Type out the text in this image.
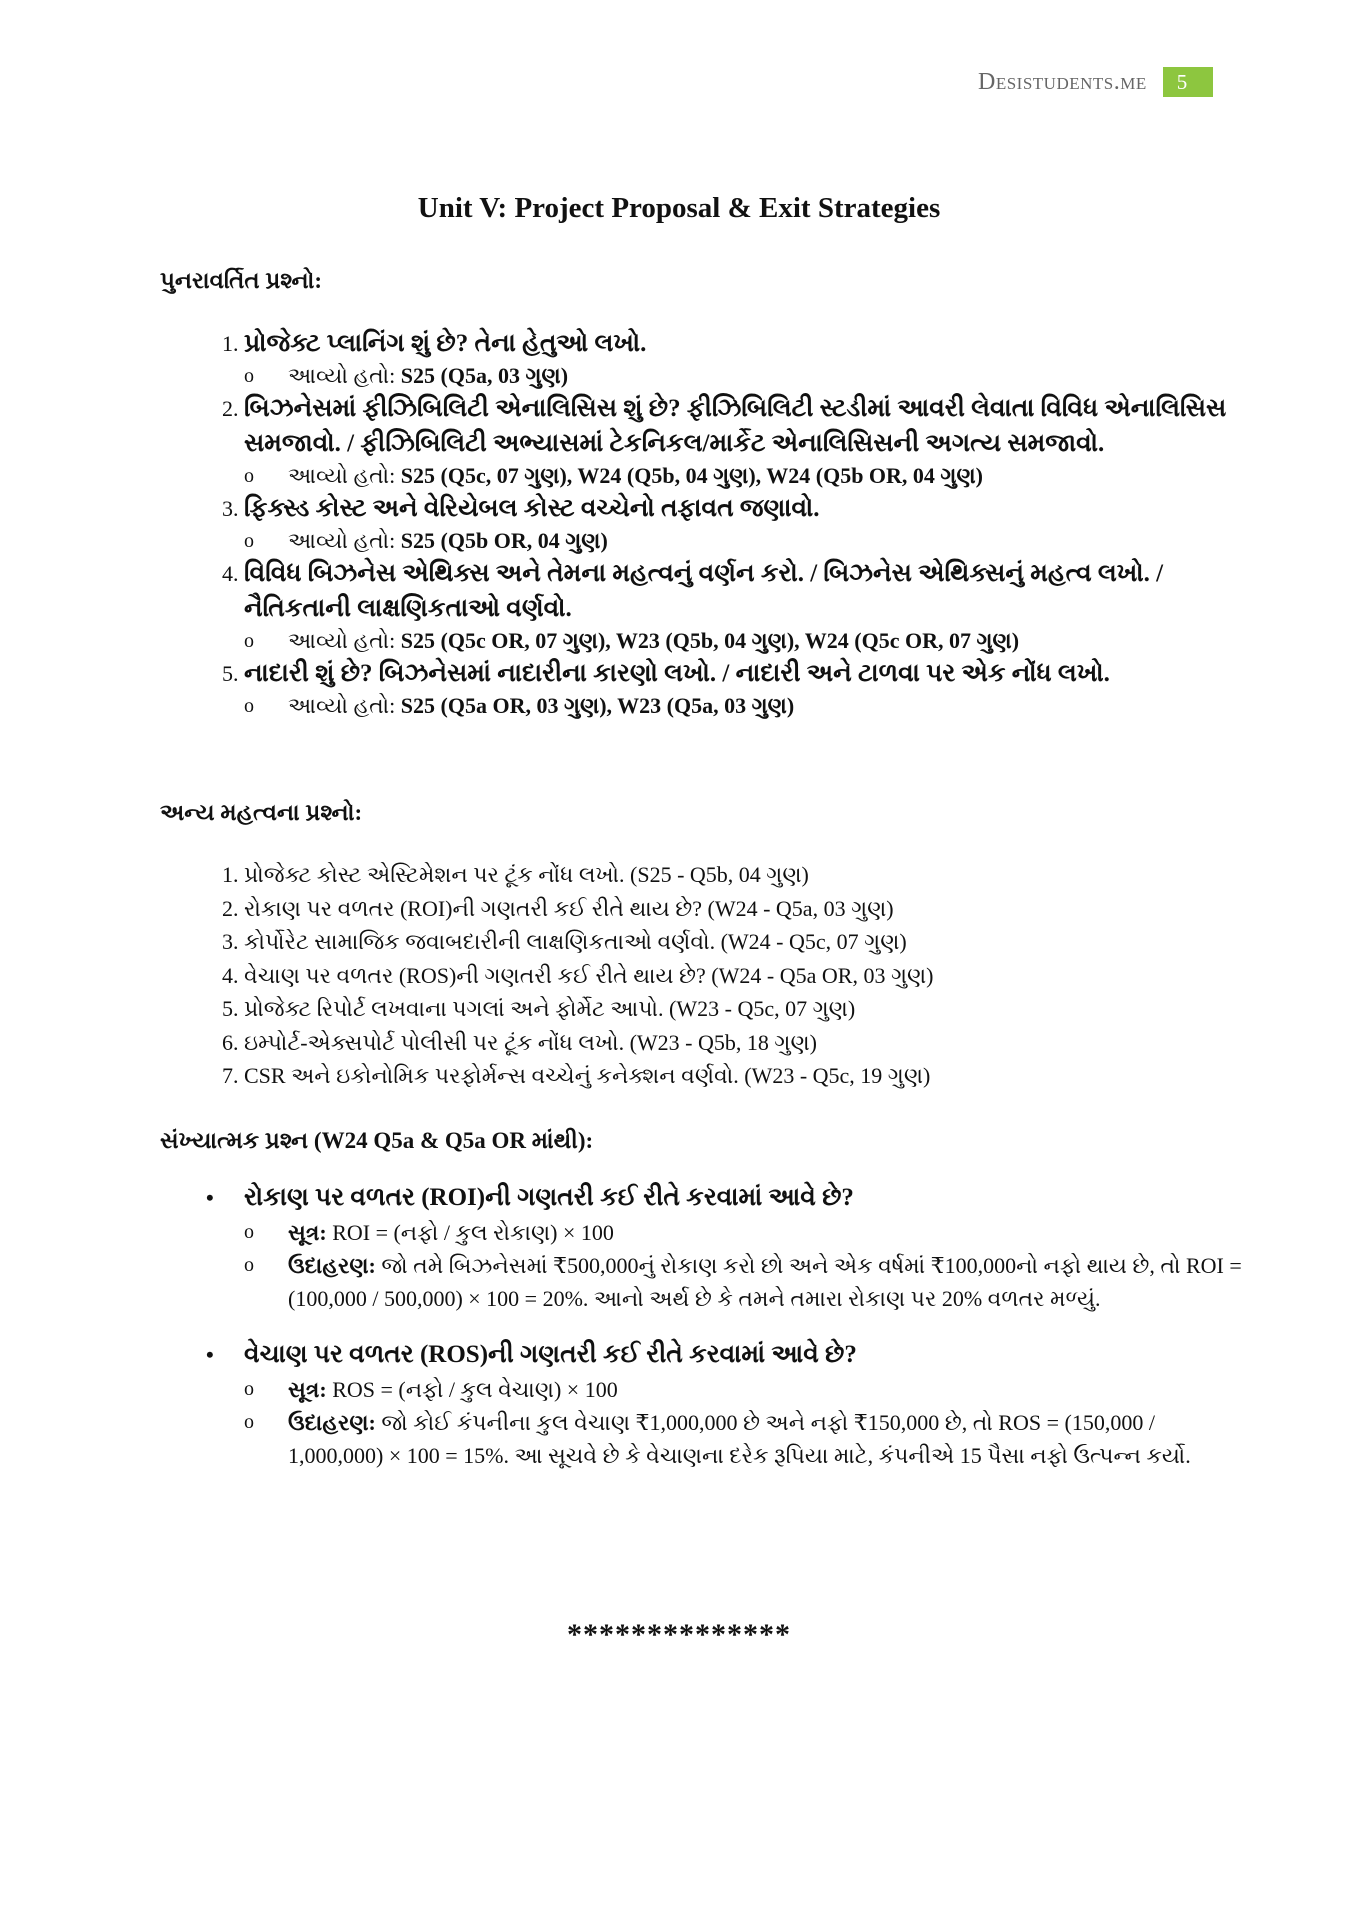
Desistudents.me	5
Unit V: Project Proposal & Exit Strategies
પુનરાવર્તિત પ્રશ્નો:
1. પ્રોજેક્ટ પ્લાનિંગ શું છે? તેના હેતુઓ લખો.
o આવ્યો હતો: S25 (Q5a, 03 ગુણ)
2. બિઝનેસમાં ફીઝિબિલિટી એનાલિસિસ શું છે? ફીઝિબિલિટી સ્ટડીમાં આવરી લેવાતા વિવિધ એનાલિસિસ સમજાવો. / ફીઝિબિલિટી અભ્યાસમાં ટેકનિકલ/માર્કેટ એનાલિસિસની અગત્ય સમજાવો.
o આવ્યો હતો: S25 (Q5c, 07 ગુણ), W24 (Q5b, 04 ગુણ), W24 (Q5b OR, 04 ગુણ)
3. ફિક્સ્ડ કોસ્ટ અને વેરિયેબલ કોસ્ટ વચ્ચેનો તફાવત જણાવો.
o આવ્યો હતો: S25 (Q5b OR, 04 ગુણ)
4. વિવિધ બિઝનેસ એથિક્સ અને તેમના મહત્વનું વર્ણન કરો. / બિઝનેસ એથિક્સનું મહત્વ લખો. / નૈતિકતાની લાક્ષણિકતાઓ વર્ણવો.
o આવ્યો હતો: S25 (Q5c OR, 07 ગુણ), W23 (Q5b, 04 ગુણ), W24 (Q5c OR, 07 ગુણ)
5. નાદારી શું છે? બિઝનેસમાં નાદારીના કારણો લખો. / નાદારી અને ટાળવા પર એક નોંધ લખો.
o આવ્યો હતો: S25 (Q5a OR, 03 ગુણ), W23 (Q5a, 03 ગુણ)
અન્ય મહત્વના પ્રશ્નો:
1. પ્રોજેક્ટ કોસ્ટ એસ્ટિમેશન પર ટૂંક નોંધ લખો. (S25 - Q5b, 04 ગુણ)
2. રોકાણ પર વળતર (ROI)ની ગણતરી કઈ રીતે થાય છે? (W24 - Q5a, 03 ગુણ)
3. કોર્પોરેટ સામાજિક જવાબદારીની લાક્ષણિકતાઓ વર્ણવો. (W24 - Q5c, 07 ગુણ)
4. વેચાણ પર વળતર (ROS)ની ગણતરી કઈ રીતે થાય છે? (W24 - Q5a OR, 03 ગુણ)
5. પ્રોજેક્ટ રિપોર્ટ લખવાના પગલાં અને ફોર્મેટ આપો. (W23 - Q5c, 07 ગુણ)
6. ઇમ્પોર્ટ-એક્સપોર્ટ પોલીસી પર ટૂંક નોંધ લખો. (W23 - Q5b, 18 ગુણ)
7. CSR અને ઇકોનોમિક પરફોર્મન્સ વચ્ચેનું કનેક્શન વર્ણવો. (W23 - Q5c, 19 ગુણ)
સંખ્યાત્મક પ્રશ્ન (W24 Q5a & Q5a OR માંથી):
• રોકાણ પર વળતર (ROI)ની ગણતરી કઈ રીતે કરવામાં આવે છે?
o સૂત્ર: ROI = (નફો / કુલ રોકાણ) × 100
o ઉદાહરણ: જો તમે બિઝનેસમાં ₹500,000નું રોકાણ કરો છો અને એક વર્ષમાં ₹100,000નો નફો થાય છે, તો ROI = (100,000 / 500,000) × 100 = 20%. આનો અર્થ છે કે તમને તમારા રોકાણ પર 20% વળતર મળ્યું.
• વેચાણ પર વળતર (ROS)ની ગણતરી કઈ રીતે કરવામાં આવે છે?
o સૂત્ર: ROS = (નફો / કુલ વેચાણ) × 100
o ઉદાહરણ: જો કોઈ કંપનીના કુલ વેચાણ ₹1,000,000 છે અને નફો ₹150,000 છે, તો ROS = (150,000 / 1,000,000) × 100 = 15%. આ સૂચવે છે કે વેચાણના દરેક રૂપિયા માટે, કંપનીએ 15 પૈસા નફો ઉત્પન્ન કર્યો.
**************
